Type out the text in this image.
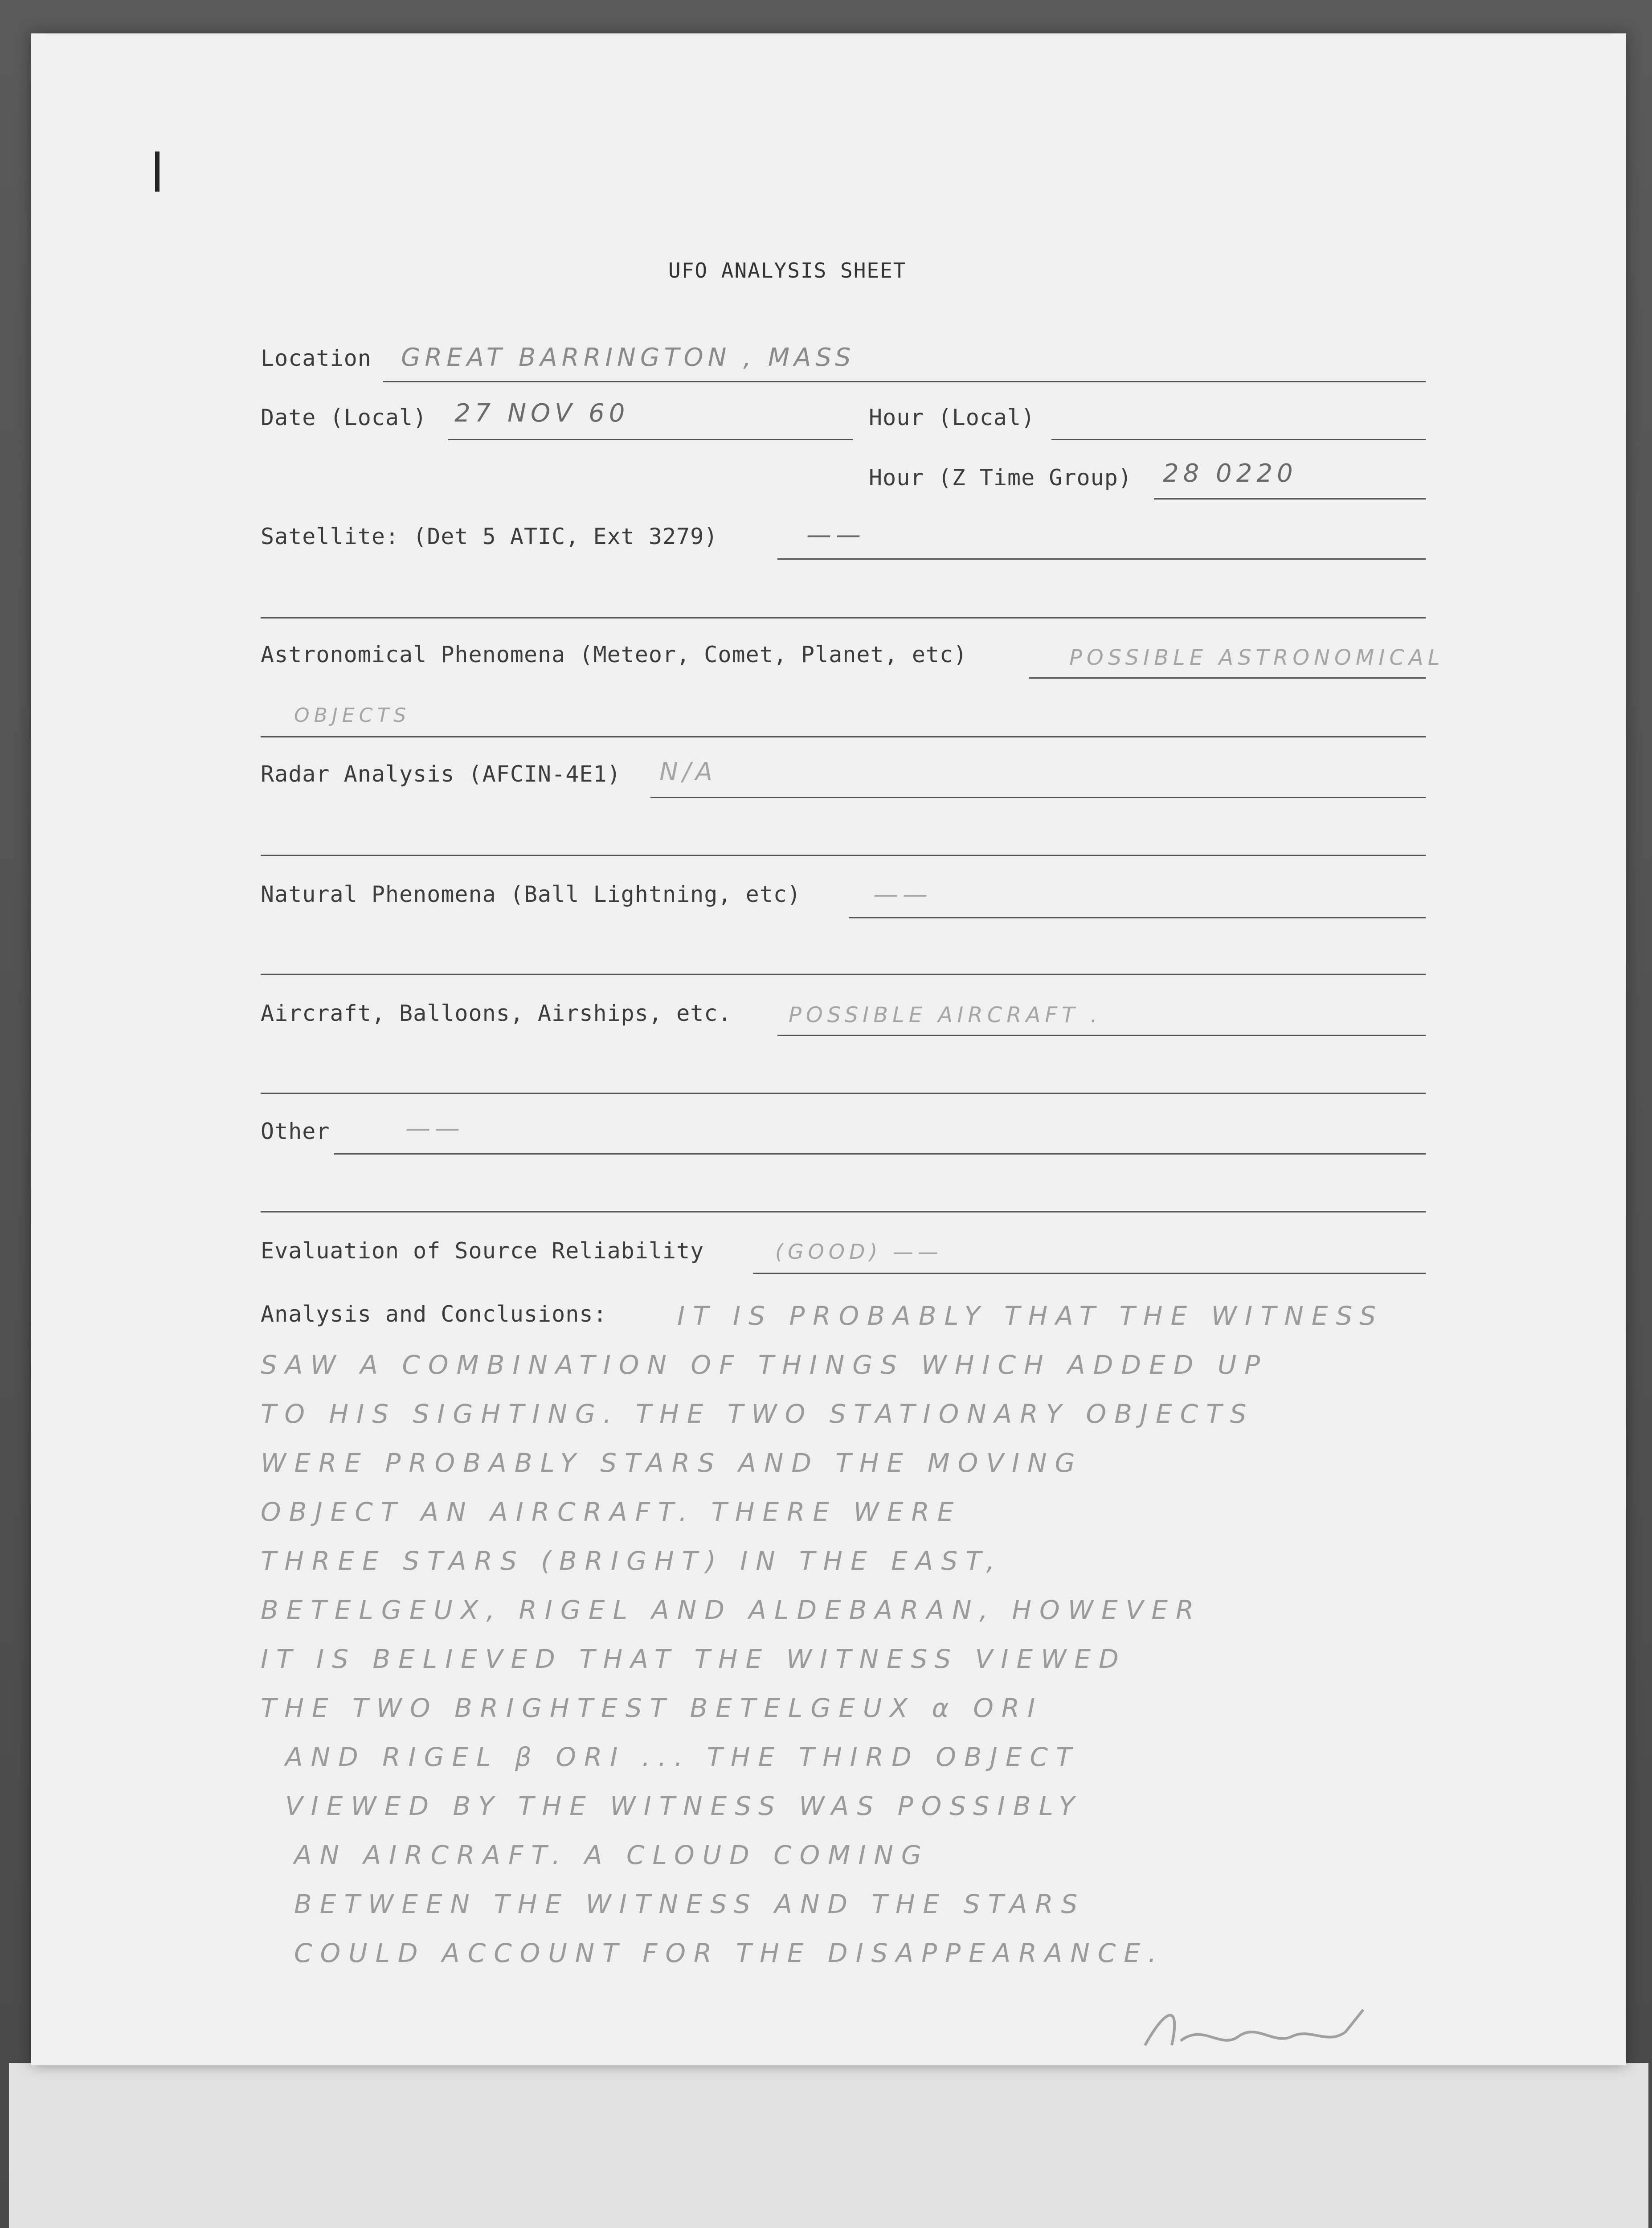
UFO ANALYSIS SHEET
Location GREAT BARRINGTON , MASS
Date (Local) 27 NOV 60	Hour (Local)
Hour (Z Time Group) 28 0220
Satellite: (Det 5 ATIC, Ext 3279)	——
Astronomical Phenomena (Meteor, Comet, Planet, etc)	POSSIBLE ASTRONOMICAL
OBJECTS
Radar Analysis (AFCIN-4E1) N/A
Natural Phenomena (Ball Lightning, etc)	——
Aircraft, Balloons, Airships, etc.	POSSIBLE AIRCRAFT .
Other	——
Evaluation of Source Reliability	(GOOD) ——
Analysis and Conclusions:	IT IS PROBABLY THAT THE WITNESS
SAW A COMBINATION OF THINGS WHICH ADDED UP
TO HIS SIGHTING. THE TWO STATIONARY OBJECTS
WERE PROBABLY STARS AND THE MOVING
OBJECT AN AIRCRAFT. THERE WERE
THREE STARS (BRIGHT) IN THE EAST,
BETELGEUX, RIGEL AND ALDEBARAN, HOWEVER
IT IS BELIEVED THAT THE WITNESS VIEWED
THE TWO BRIGHTEST BETELGEUX α ORI
AND RIGEL β ORI ... THE THIRD OBJECT
VIEWED BY THE WITNESS WAS POSSIBLY
AN AIRCRAFT. A CLOUD COMING
BETWEEN THE WITNESS AND THE STARS
COULD ACCOUNT FOR THE DISAPPEARANCE.
